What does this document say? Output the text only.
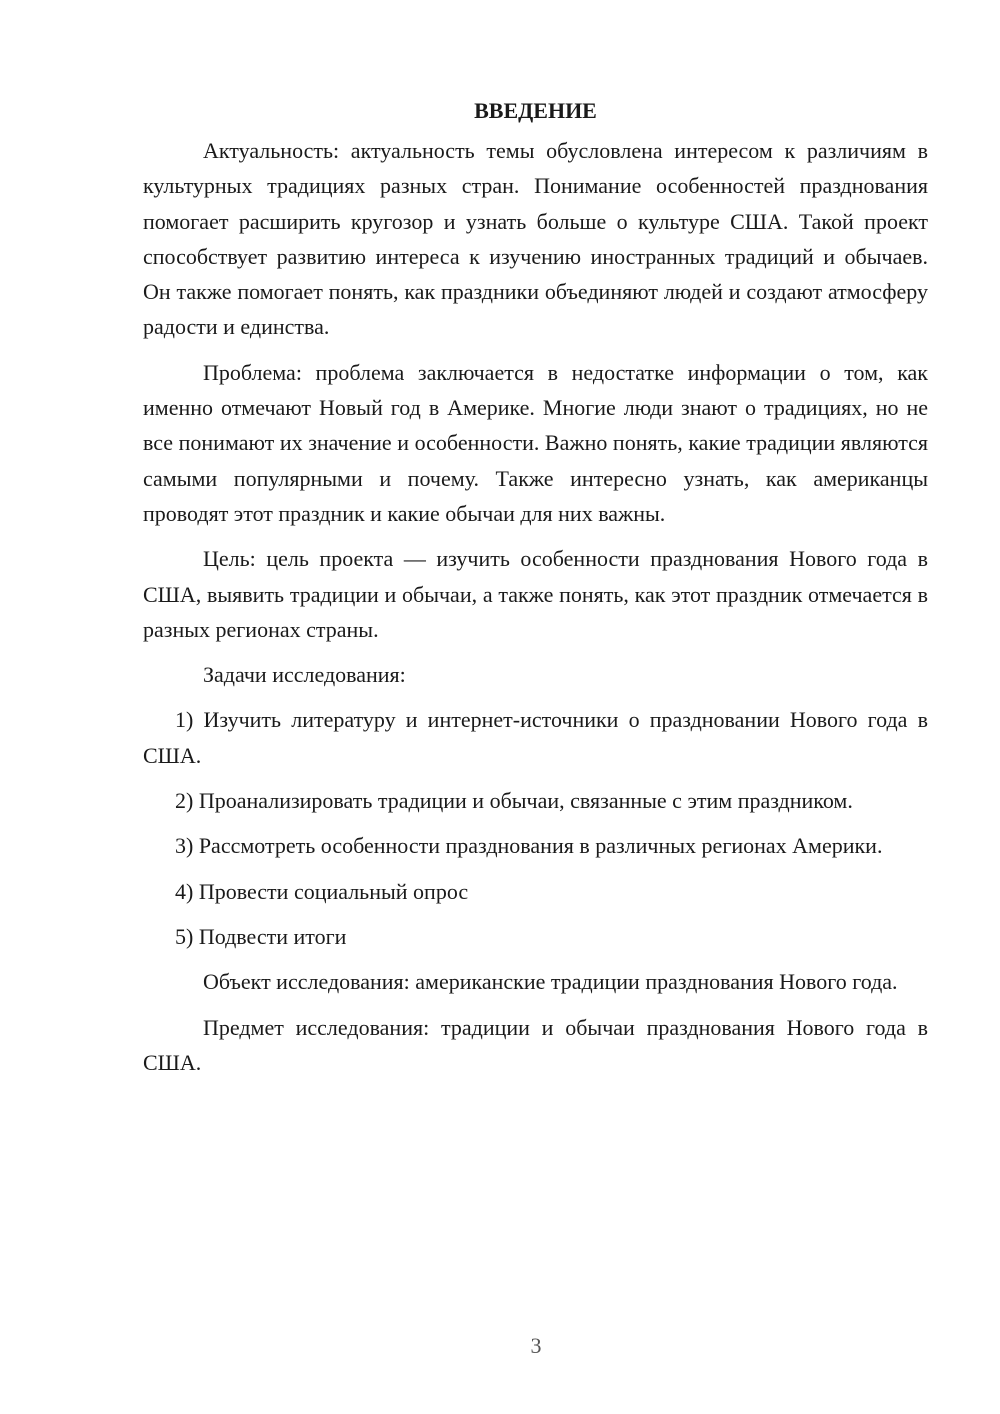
ВВЕДЕНИЕ

Актуальность: актуальность темы обусловлена интересом к различиям в культурных традициях разных стран. Понимание особенностей празднования помогает расширить кругозор и узнать больше о культуре США. Такой проект способствует развитию интереса к изучению иностранных традиций и обычаев. Он также помогает понять, как праздники объединяют людей и создают атмосферу радости и единства.

Проблема: проблема заключается в недостатке информации о том, как именно отмечают Новый год в Америке. Многие люди знают о традициях, но не все понимают их значение и особенности. Важно понять, какие традиции являются самыми популярными и почему. Также интересно узнать, как американцы проводят этот праздник и какие обычаи для них важны.

Цель: цель проекта — изучить особенности празднования Нового года в США, выявить традиции и обычаи, а также понять, как этот праздник отмечается в разных регионах страны.

Задачи исследования:

1) Изучить литературу и интернет-источники о праздновании Нового года в США.

2) Проанализировать традиции и обычаи, связанные с этим праздником.

3) Рассмотреть особенности празднования в различных регионах Америки.

4) Провести социальный опрос

5) Подвести итоги

Объект исследования: американские традиции празднования Нового года.

Предмет исследования: традиции и обычаи празднования Нового года в США.

3
